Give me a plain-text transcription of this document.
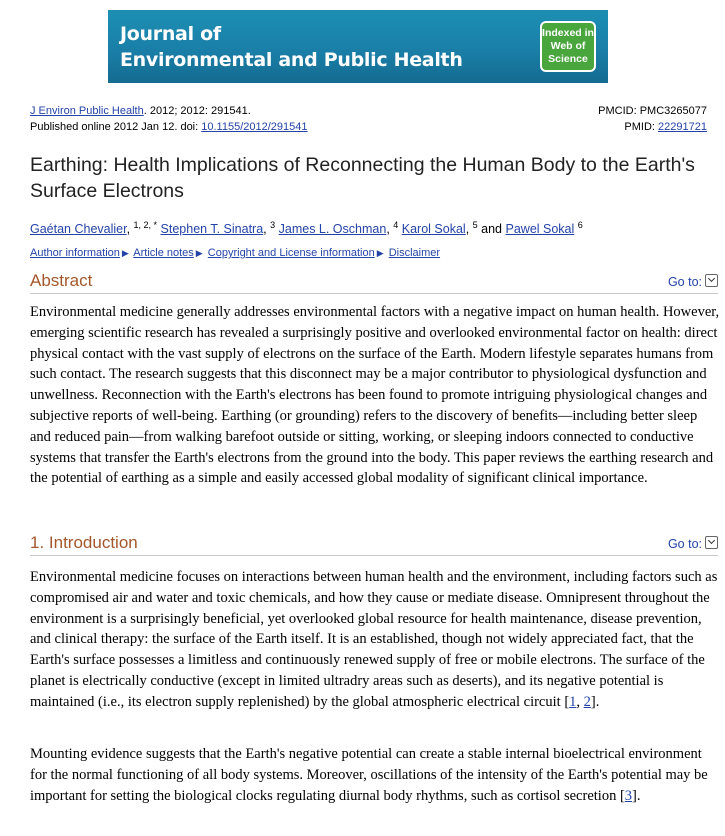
Journal of
Environmental and Public Health
Indexed in Web of Science
J Environ Public Health. 2012; 2012: 291541.
Published online 2012 Jan 12. doi: 10.1155/2012/291541
PMCID: PMC3265077
PMID: 22291721
Earthing: Health Implications of Reconnecting the Human Body to the Earth's Surface Electrons
Gaétan Chevalier, $^{1, 2, *}$ Stephen T. Sinatra, $^3$ James L. Oschman, $^4$ Karol Sokal, $^5$ and Pawel Sokal $^6$
Author information ▶ Article notes ▶ Copyright and License information ▶ Disclaimer
Abstract	Go to:
Environmental medicine generally addresses environmental factors with a negative impact on human health. However, emerging scientific research has revealed a surprisingly positive and overlooked environmental factor on health: direct physical contact with the vast supply of electrons on the surface of the Earth. Modern lifestyle separates humans from such contact. The research suggests that this disconnect may be a major contributor to physiological dysfunction and unwellness. Reconnection with the Earth's electrons has been found to promote intriguing physiological changes and subjective reports of well-being. Earthing (or grounding) refers to the discovery of benefits—including better sleep and reduced pain—from walking barefoot outside or sitting, working, or sleeping indoors connected to conductive systems that transfer the Earth's electrons from the ground into the body. This paper reviews the earthing research and the potential of earthing as a simple and easily accessed global modality of significant clinical importance.
1. Introduction	Go to:
Environmental medicine focuses on interactions between human health and the environment, including factors such as compromised air and water and toxic chemicals, and how they cause or mediate disease. Omnipresent throughout the environment is a surprisingly beneficial, yet overlooked global resource for health maintenance, disease prevention, and clinical therapy: the surface of the Earth itself. It is an established, though not widely appreciated fact, that the Earth's surface possesses a limitless and continuously renewed supply of free or mobile electrons. The surface of the planet is electrically conductive (except in limited ultradry areas such as deserts), and its negative potential is maintained (i.e., its electron supply replenished) by the global atmospheric electrical circuit [1, 2].
Mounting evidence suggests that the Earth's negative potential can create a stable internal bioelectrical environment for the normal functioning of all body systems. Moreover, oscillations of the intensity of the Earth's potential may be important for setting the biological clocks regulating diurnal body rhythms, such as cortisol secretion [3].
